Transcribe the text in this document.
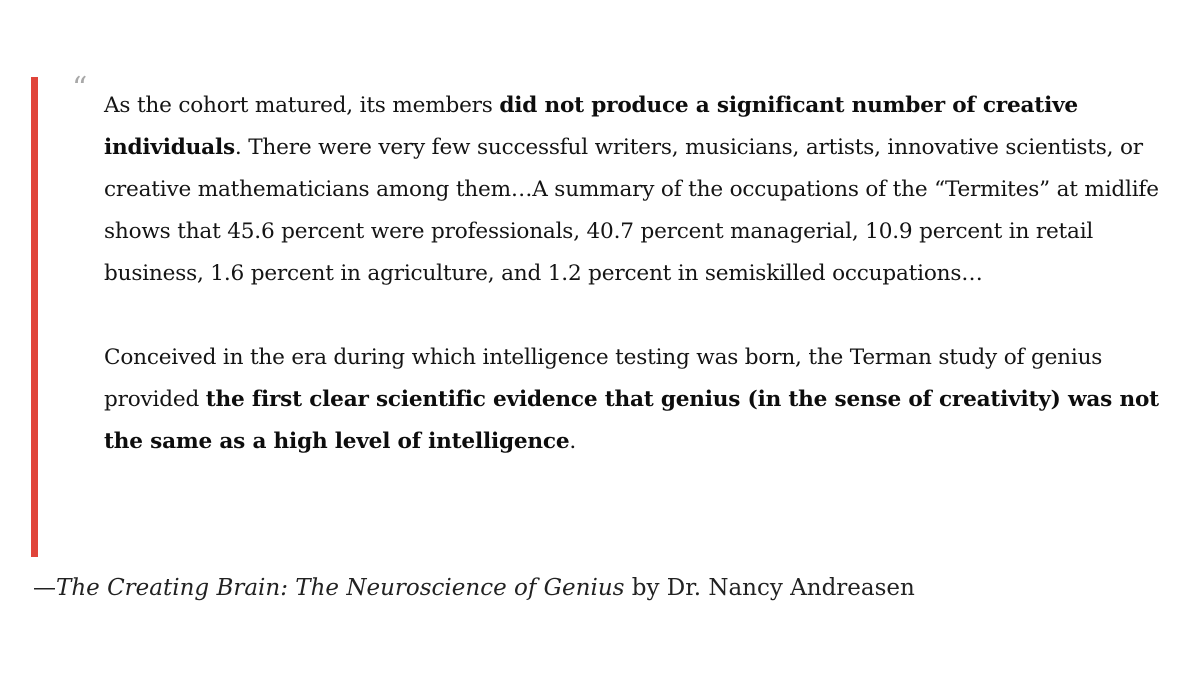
“ As the cohort matured, its members did not produce a significant number of creative individuals. There were very few successful writers, musicians, artists, innovative scientists, or creative mathematicians among them…A summary of the occupations of the “Termites” at midlife shows that 45.6 percent were professionals, 40.7 percent managerial, 10.9 percent in retail business, 1.6 percent in agriculture, and 1.2 percent in semiskilled occupations…

Conceived in the era during which intelligence testing was born, the Terman study of genius provided the first clear scientific evidence that genius (in the sense of creativity) was not the same as a high level of intelligence.

—The Creating Brain: The Neuroscience of Genius by Dr. Nancy Andreasen
